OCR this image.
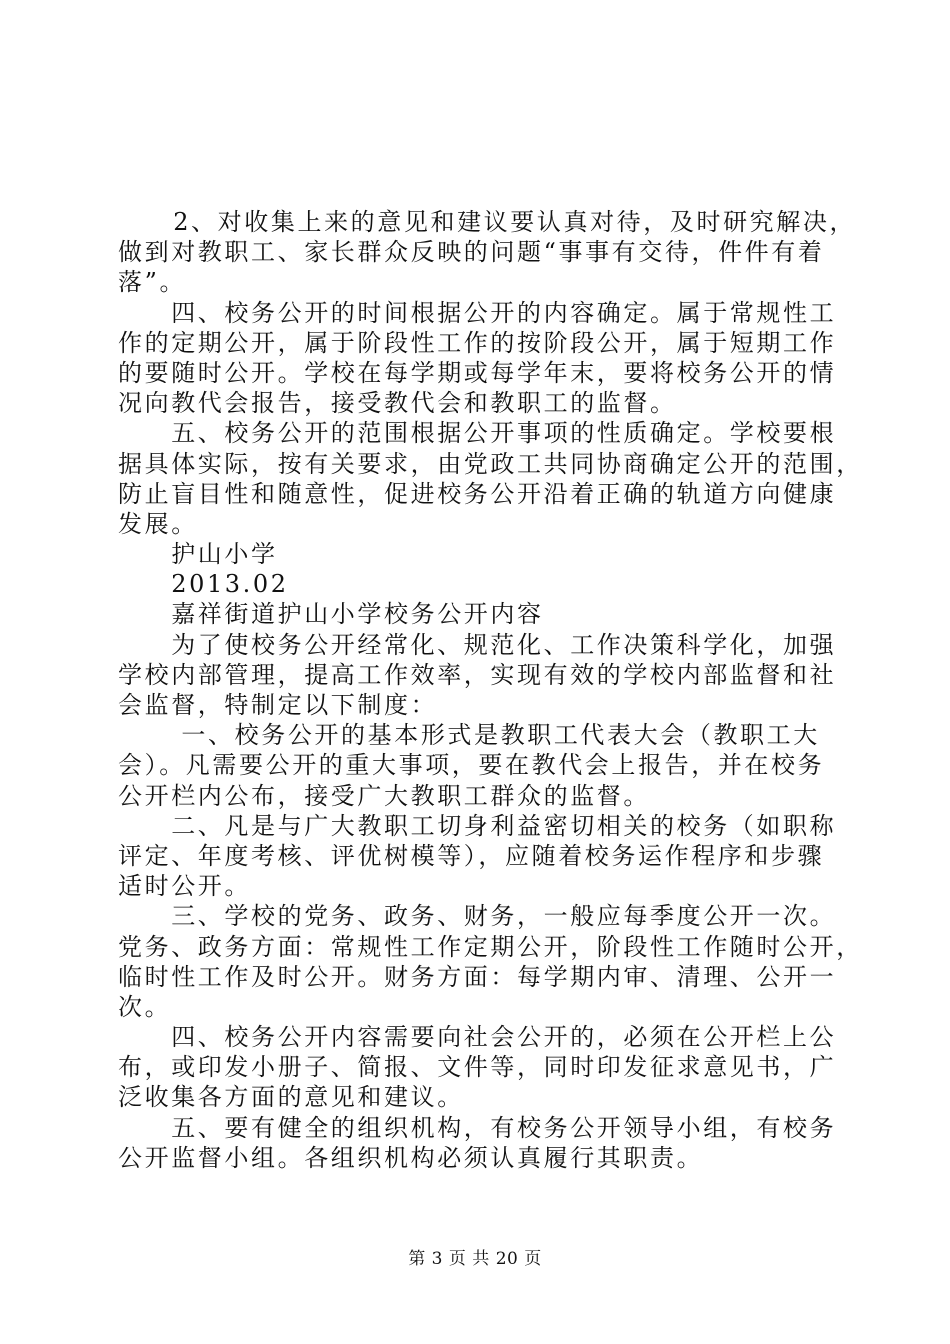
　　2、对收集上来的意见和建议要认真对待，及时研究解决，
做到对教职工、家长群众反映的问题“事事有交待，件件有着
落”。
　　四、校务公开的时间根据公开的内容确定。属于常规性工
作的定期公开，属于阶段性工作的按阶段公开，属于短期工作
的要随时公开。学校在每学期或每学年末，要将校务公开的情
况向教代会报告，接受教代会和教职工的监督。
　　五、校务公开的范围根据公开事项的性质确定。学校要根
据具体实际，按有关要求，由党政工共同协商确定公开的范围，
防止盲目性和随意性，促进校务公开沿着正确的轨道方向健康
发展。
　　护山小学
　　2013.02
　　嘉祥街道护山小学校务公开内容
　　为了使校务公开经常化、规范化、工作决策科学化，加强
学校内部管理，提高工作效率，实现有效的学校内部监督和社
会监督，特制定以下制度：
　　 一、校务公开的基本形式是教职工代表大会（教职工大
会）。凡需要公开的重大事项，要在教代会上报告，并在校务
公开栏内公布，接受广大教职工群众的监督。
　　二、凡是与广大教职工切身利益密切相关的校务（如职称
评定、年度考核、评优树模等），应随着校务运作程序和步骤
适时公开。
　　三、学校的党务、政务、财务，一般应每季度公开一次。
党务、政务方面：常规性工作定期公开，阶段性工作随时公开，
临时性工作及时公开。财务方面：每学期内审、清理、公开一
次。
　　四、校务公开内容需要向社会公开的，必须在公开栏上公
布，或印发小册子、简报、文件等，同时印发征求意见书，广
泛收集各方面的意见和建议。
　　五、要有健全的组织机构，有校务公开领导小组，有校务
公开监督小组。各组织机构必须认真履行其职责。
第 3 页 共 20 页
